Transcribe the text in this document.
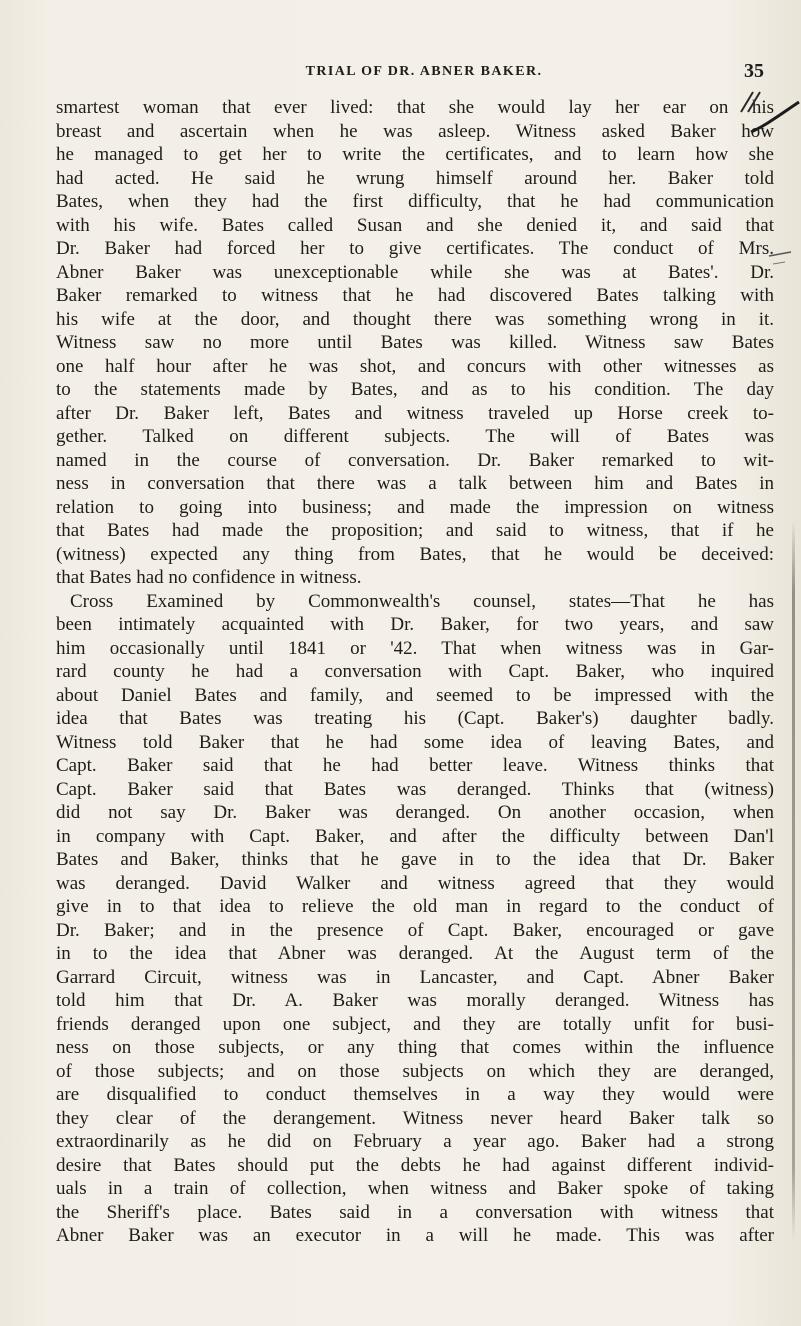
TRIAL OF DR. ABNER BAKER.	35
smartest woman that ever lived: that she would lay her ear on his
breast and ascertain when he was asleep. Witness asked Baker how
he managed to get her to write the certificates, and to learn how she
had acted. He said he wrung himself around her. Baker told
Bates, when they had the first difficulty, that he had communication
with his wife. Bates called Susan and she denied it, and said that
Dr. Baker had forced her to give certificates. The conduct of Mrs.
Abner Baker was unexceptionable while she was at Bates'. Dr.
Baker remarked to witness that he had discovered Bates talking with
his wife at the door, and thought there was something wrong in it.
Witness saw no more until Bates was killed. Witness saw Bates
one half hour after he was shot, and concurs with other witnesses as
to the statements made by Bates, and as to his condition. The day
after Dr. Baker left, Bates and witness traveled up Horse creek to-
gether. Talked on different subjects. The will of Bates was
named in the course of conversation. Dr. Baker remarked to wit-
ness in conversation that there was a talk between him and Bates in
relation to going into business; and made the impression on witness
that Bates had made the proposition; and said to witness, that if he
(witness) expected any thing from Bates, that he would be deceived:
that Bates had no confidence in witness.
Cross Examined by Commonwealth's counsel, states—That he has
been intimately acquainted with Dr. Baker, for two years, and saw
him occasionally until 1841 or '42. That when witness was in Gar-
rard county he had a conversation with Capt. Baker, who inquired
about Daniel Bates and family, and seemed to be impressed with the
idea that Bates was treating his (Capt. Baker's) daughter badly.
Witness told Baker that he had some idea of leaving Bates, and
Capt. Baker said that he had better leave. Witness thinks that
Capt. Baker said that Bates was deranged. Thinks that (witness)
did not say Dr. Baker was deranged. On another occasion, when
in company with Capt. Baker, and after the difficulty between Dan'l
Bates and Baker, thinks that he gave in to the idea that Dr. Baker
was deranged. David Walker and witness agreed that they would
give in to that idea to relieve the old man in regard to the conduct of
Dr. Baker; and in the presence of Capt. Baker, encouraged or gave
in to the idea that Abner was deranged. At the August term of the
Garrard Circuit, witness was in Lancaster, and Capt. Abner Baker
told him that Dr. A. Baker was morally deranged. Witness has
friends deranged upon one subject, and they are totally unfit for busi-
ness on those subjects, or any thing that comes within the influence
of those subjects; and on those subjects on which they are deranged,
are disqualified to conduct themselves in a way they would were
they clear of the derangement. Witness never heard Baker talk so
extraordinarily as he did on February a year ago. Baker had a strong
desire that Bates should put the debts he had against different individ-
uals in a train of collection, when witness and Baker spoke of taking
the Sheriff's place. Bates said in a conversation with witness that
Abner Baker was an executor in a will he made. This was after
